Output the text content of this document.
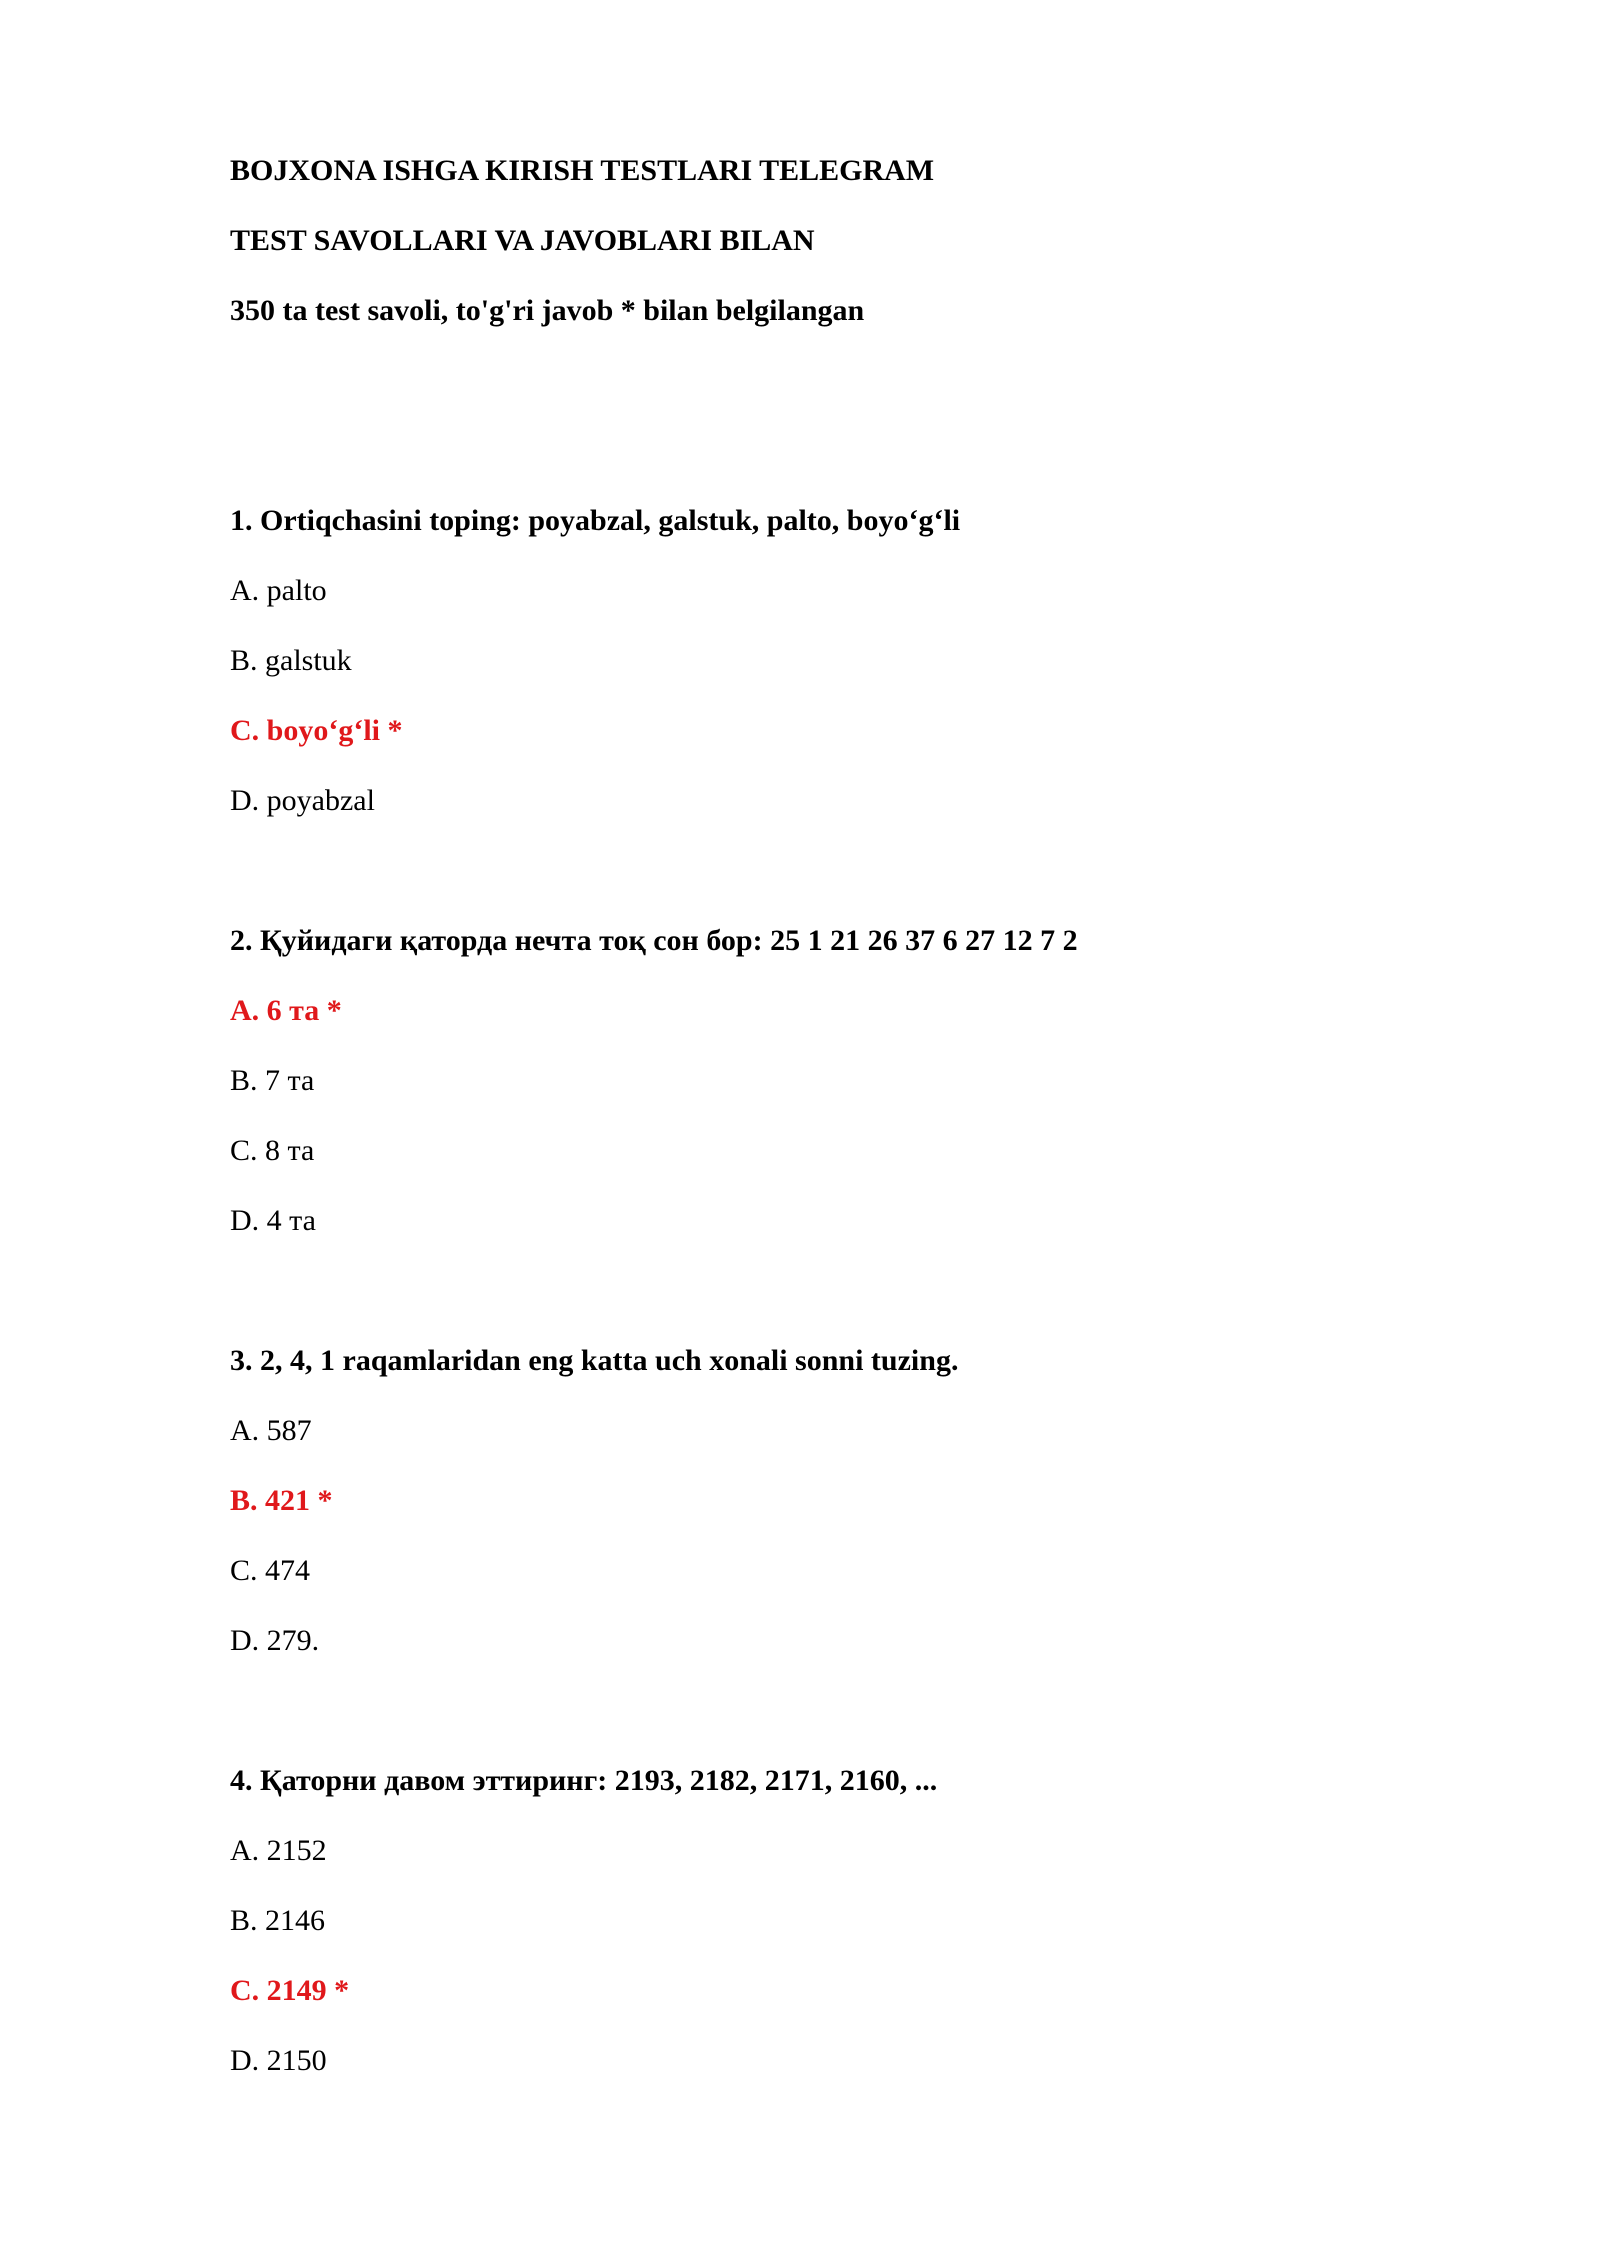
BOJXONA ISHGA KIRISH TESTLARI TELEGRAM
TEST SAVOLLARI VA JAVOBLARI BILAN
350 ta test savoli, to'g'ri javob * bilan belgilangan
1. Ortiqchasini toping: poyabzal, galstuk, palto, boyo‘g‘li
A. palto
B. galstuk
C. boyo‘g‘li *
D. poyabzal
2. Қуйидаги қаторда нечта тоқ сон бор: 25 1 21 26 37 6 27 12 7 2
A. 6 та *
B. 7 та
C. 8 та
D. 4 та
3. 2, 4, 1 raqamlaridan eng katta uch xonali sonni tuzing.
A. 587
B. 421 *
C. 474
D. 279.
4. Қаторни давом эттиринг: 2193, 2182, 2171, 2160, ...
A. 2152
B. 2146
C. 2149 *
D. 2150
